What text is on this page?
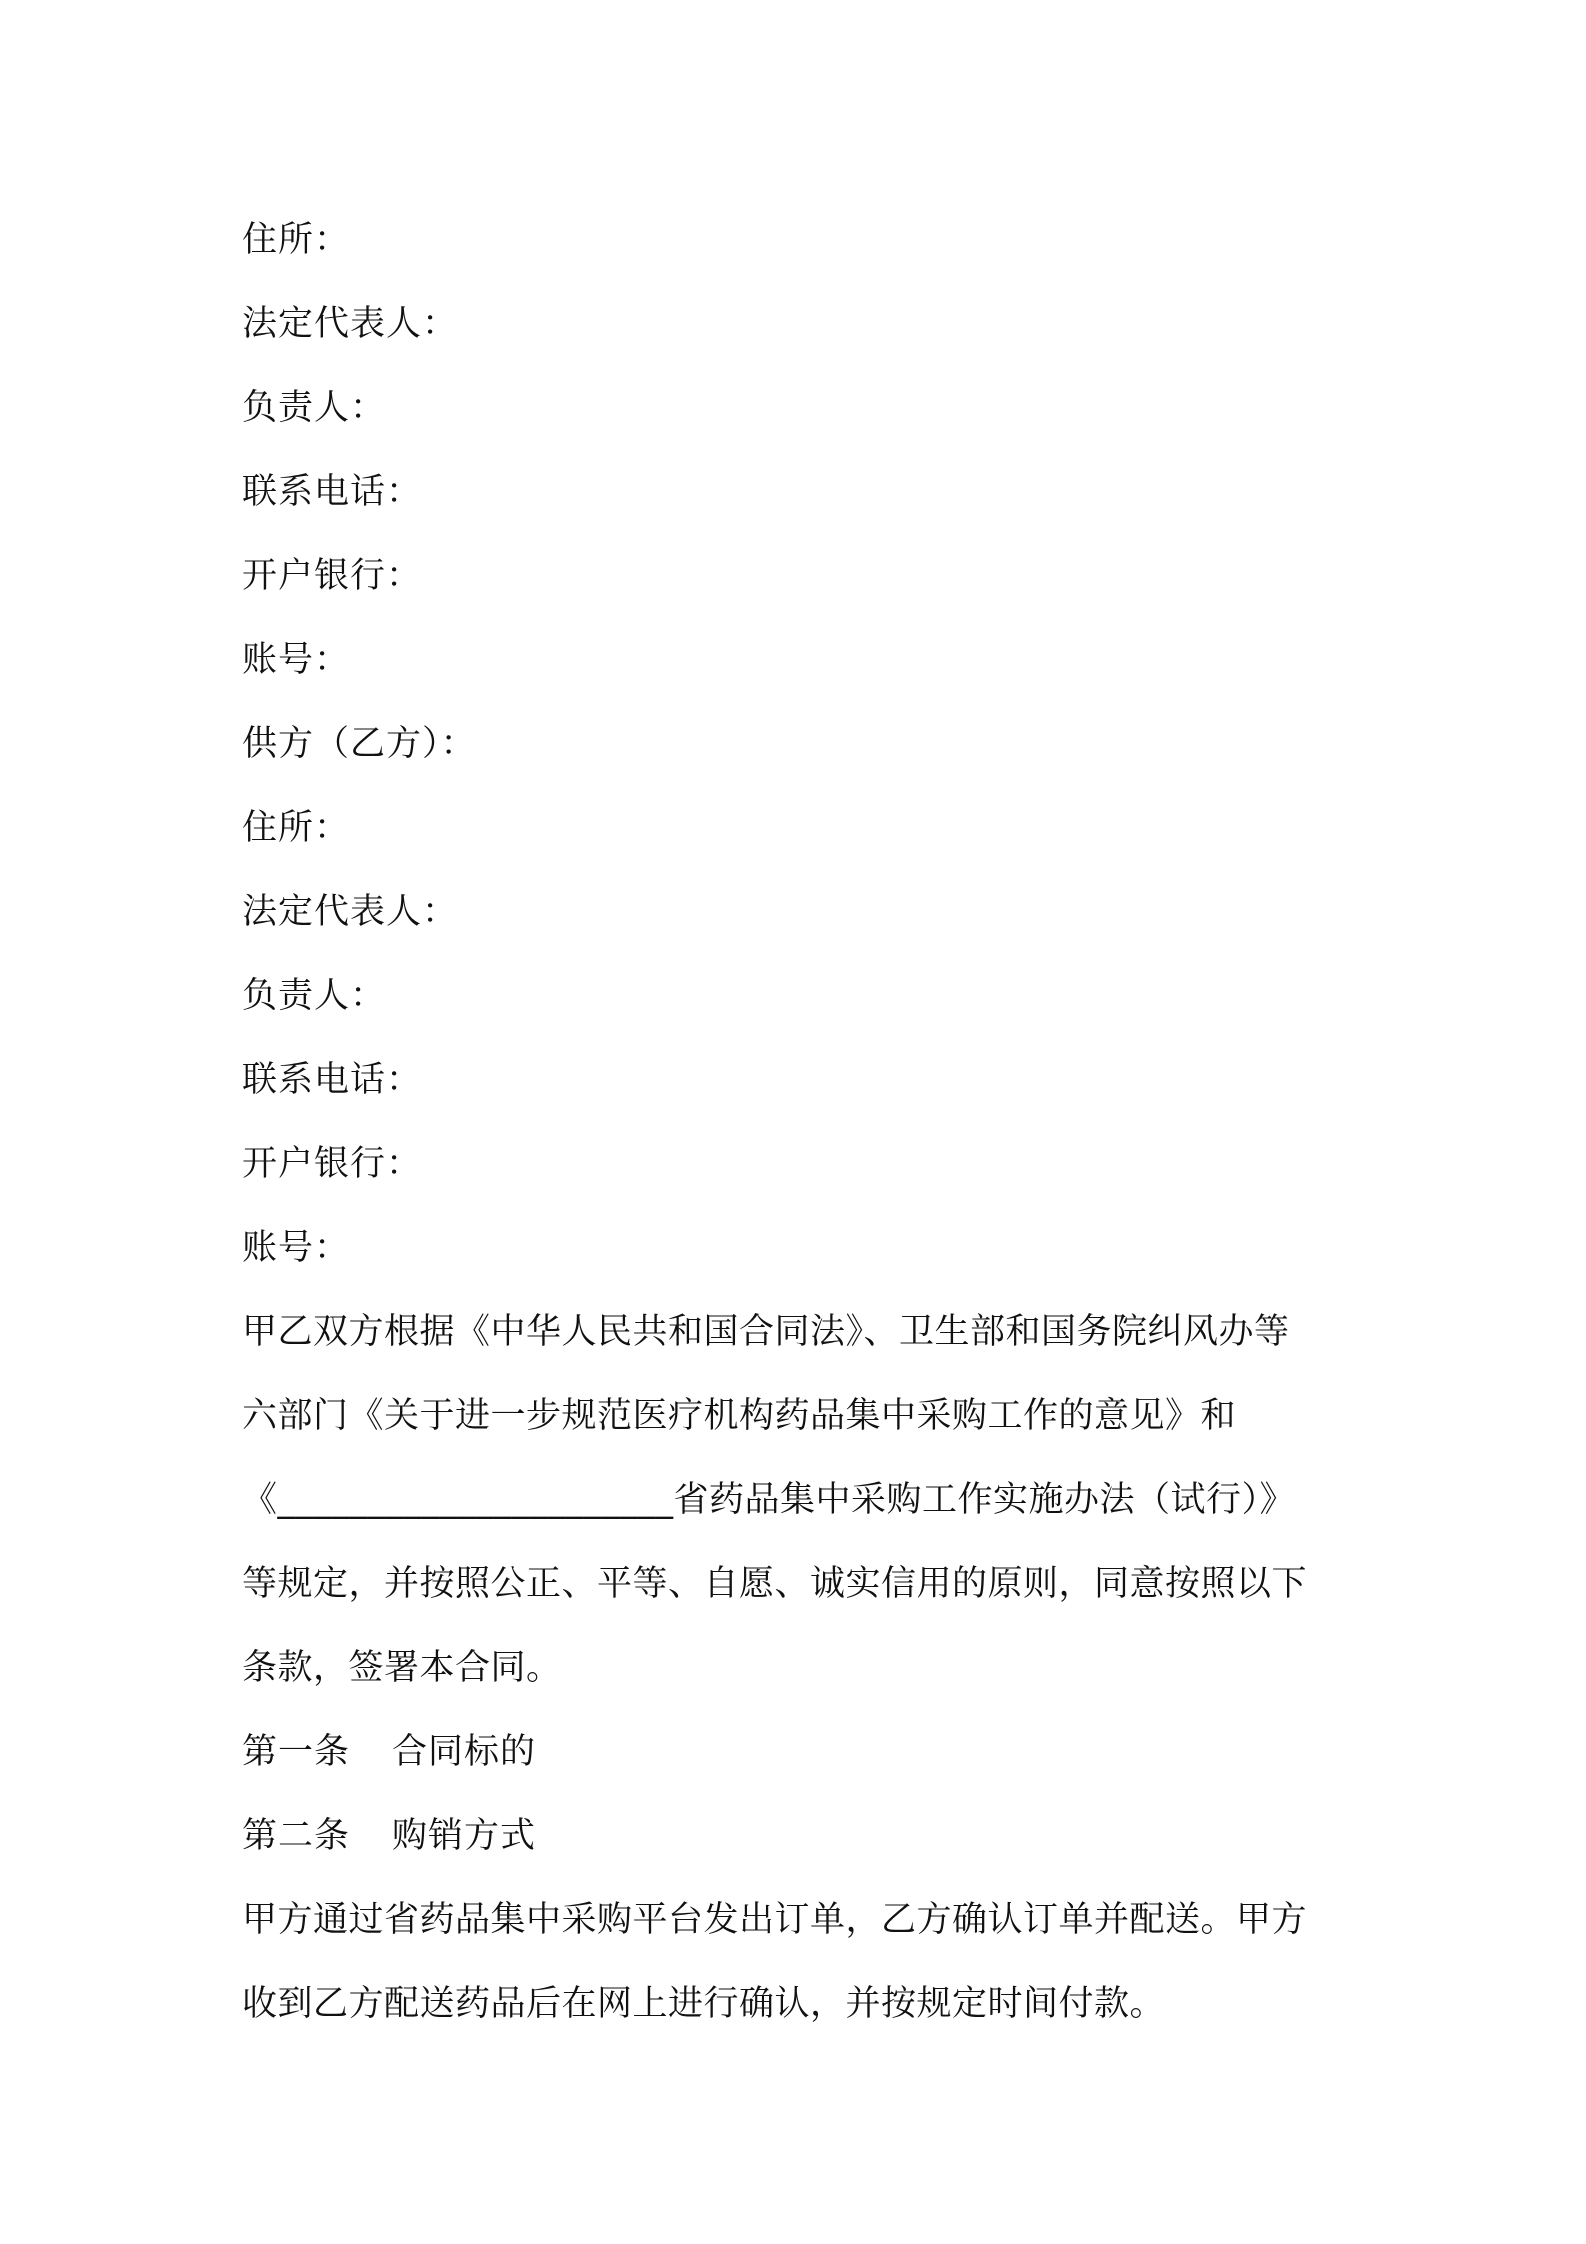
住所：
法定代表人：
负责人：
联系电话：
开户银行：
账号：
供方（乙方）：
住所：
法定代表人：
负责人：
联系电话：
开户银行：
账号：
甲乙双方根据《中华人民共和国合同法》、卫生部和国务院纠风办等
六部门《关于进一步规范医疗机构药品集中采购工作的意见》和
《______________________省药品集中采购工作实施办法（试行）》
等规定，并按照公正、平等、自愿、诚实信用的原则，同意按照以下
条款，签署本合同。
第一条 合同标的
第二条 购销方式
甲方通过省药品集中采购平台发出订单，乙方确认订单并配送。甲方
收到乙方配送药品后在网上进行确认，并按规定时间付款。
